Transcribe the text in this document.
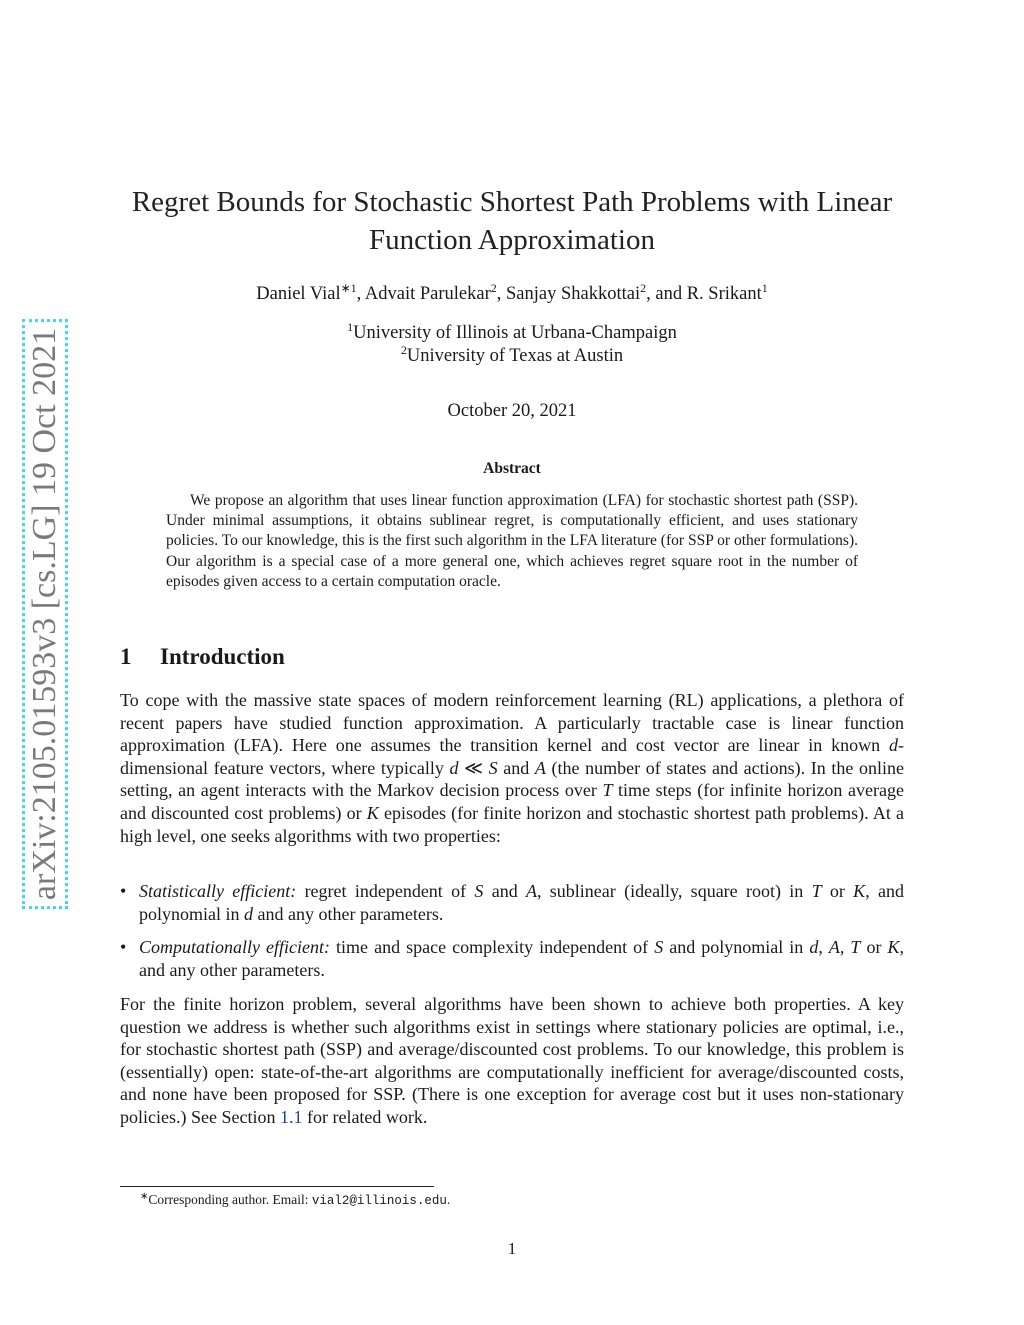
arXiv:2105.01593v3 [cs.LG] 19 Oct 2021
Regret Bounds for Stochastic Shortest Path Problems with Linear
Function Approximation
Daniel Vial$^{∗1}$, Advait Parulekar$^2$, Sanjay Shakkottai$^2$, and R. Srikant$^1$
$^1$University of Illinois at Urbana-Champaign
$^2$University of Texas at Austin
October 20, 2021
Abstract

We propose an algorithm that uses linear function approximation (LFA) for stochastic shortest path (SSP). Under minimal assumptions, it obtains sublinear regret, is computationally efficient, and uses stationary policies. To our knowledge, this is the first such algorithm in the LFA literature (for SSP or other formulations). Our algorithm is a special case of a more general one, which achieves regret square root in the number of episodes given access to a certain computation oracle.

1 Introduction

To cope with the massive state spaces of modern reinforcement learning (RL) applications, a plethora of recent papers have studied function approximation. A particularly tractable case is linear function approximation (LFA). Here one assumes the transition kernel and cost vector are linear in known d-dimensional feature vectors, where typically d ≪ S and A (the number of states and actions). In the online setting, an agent interacts with the Markov decision process over T time steps (for infinite horizon average and discounted cost problems) or K episodes (for finite horizon and stochastic shortest path problems). At a high level, one seeks algorithms with two properties:

• Statistically efficient: regret independent of S and A, sublinear (ideally, square root) in T or K, and polynomial in d and any other parameters.
• Computationally efficient: time and space complexity independent of S and polynomial in d, A, T or K, and any other parameters.

For the finite horizon problem, several algorithms have been shown to achieve both properties. A key question we address is whether such algorithms exist in settings where stationary policies are optimal, i.e., for stochastic shortest path (SSP) and average/discounted cost problems. To our knowledge, this problem is (essentially) open: state-of-the-art algorithms are computationally inefficient for average/discounted costs, and none have been proposed for SSP. (There is one exception for average cost but it uses non-stationary policies.) See Section 1.1 for related work.

∗Corresponding author. Email: vial2@illinois.edu.
1
